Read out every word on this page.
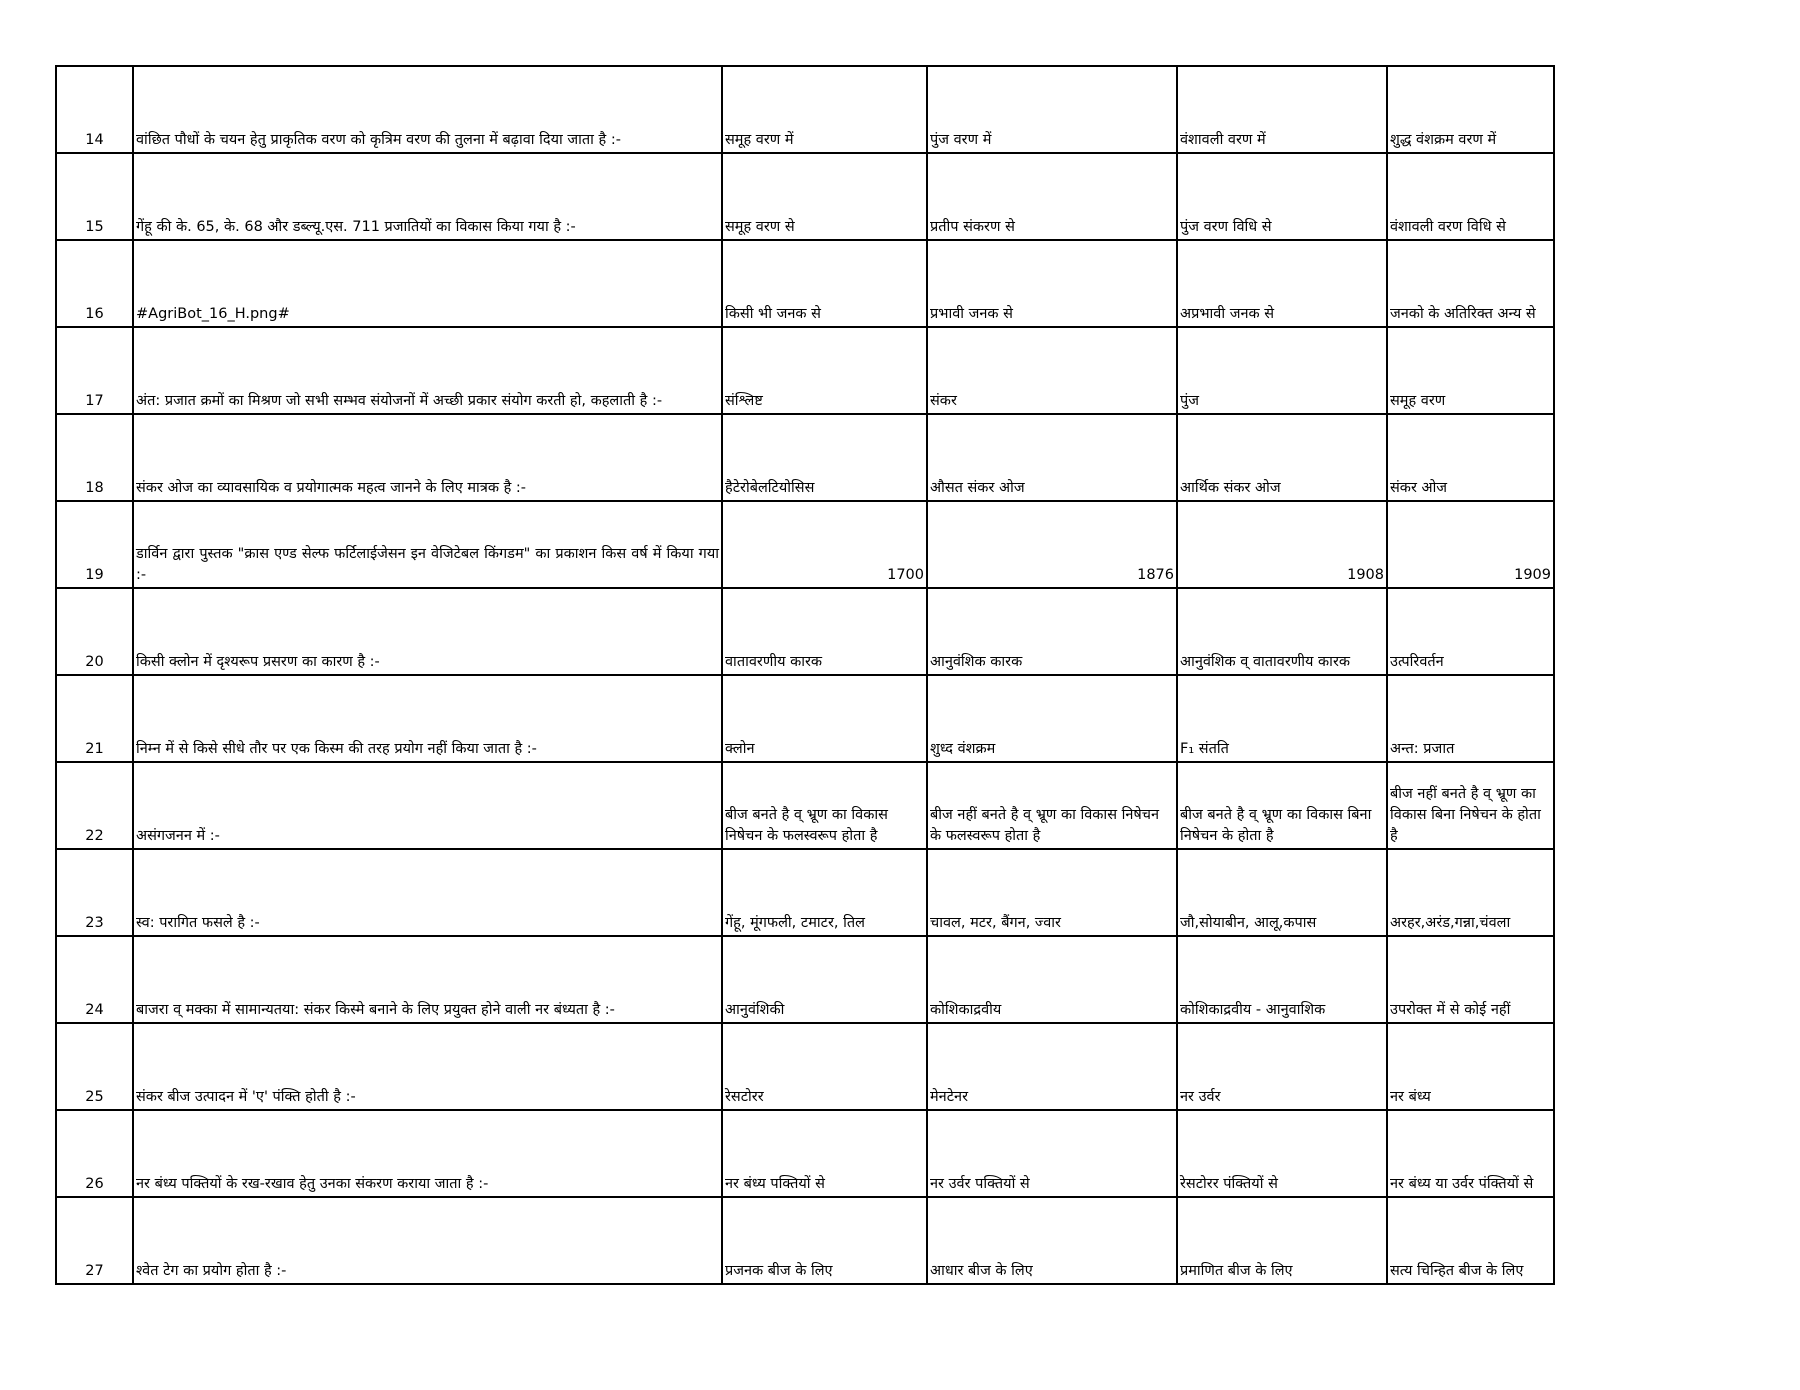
14	वांछित पौधों के चयन हेतु प्राकृतिक वरण को कृत्रिम वरण की तुलना में बढ़ावा दिया जाता है :-	समूह वरण में	पुंज वरण में	वंशावली वरण में	शुद्ध वंशक्रम वरण में
15	गेंहू की के. 65, के. 68 और डब्ल्यू.एस. 711 प्रजातियों का विकास किया गया है :-	समूह वरण से	प्रतीप संकरण से	पुंज वरण विधि से	वंशावली वरण विधि से
16	#AgriBot_16_H.png#	किसी भी जनक से	प्रभावी जनक से	अप्रभावी जनक से	जनको के अतिरिक्त अन्य से
17	अंत: प्रजात क्रमों का मिश्रण जो सभी सम्भव संयोजनों में अच्छी प्रकार संयोग करती हो, कहलाती है :-	संश्लिष्ट	संकर	पुंज	समूह वरण
18	संकर ओज का व्यावसायिक व प्रयोगात्मक महत्व जानने के लिए मात्रक है :-	हैटेरोबेलटियोसिस	औसत संकर ओज	आर्थिक संकर ओज	संकर ओज
19	डार्विन द्वारा पुस्तक "क्रास एण्ड सेल्फ फर्टिलाईजेसन इन वेजिटेबल किंगडम" का प्रकाशन किस वर्ष में किया गया :-	1700	1876	1908	1909
20	किसी क्लोन में दृश्यरूप प्रसरण का कारण है :-	वातावरणीय कारक	आनुवंशिक कारक	आनुवंशिक व् वातावरणीय कारक	उत्परिवर्तन
21	निम्न में से किसे सीधे तौर पर एक किस्म की तरह प्रयोग नहीं किया जाता है :-	क्लोन	शुध्द वंशक्रम	F₁ संतति	अन्त: प्रजात
22	असंगजनन में :-	बीज बनते है व् भ्रूण का विकास निषेचन के फलस्वरूप होता है	बीज नहीं बनते है व् भ्रूण का विकास निषेचन के फलस्वरूप होता है	बीज बनते है व् भ्रूण का विकास बिना निषेचन के होता है	बीज नहीं बनते है व् भ्रूण का विकास बिना निषेचन के होता है
23	स्व: परागित फसले है :-	गेंहू, मूंगफली, टमाटर, तिल	चावल, मटर, बैंगन, ज्वार	जौ,सोयाबीन, आलू,कपास	अरहर,अरंड,गन्ना,चंवला
24	बाजरा व् मक्का में सामान्यतया: संकर किस्मे बनाने के लिए प्रयुक्त होने वाली नर बंध्यता है :-	आनुवंशिकी	कोशिकाद्रवीय	कोशिकाद्रवीय - आनुवाशिक	उपरोक्त में से कोई नहीं
25	संकर बीज उत्पादन में 'ए' पंक्ति होती है :-	रेसटोरर	मेनटेनर	नर उर्वर	नर बंध्य
26	नर बंध्य पक्तियों के रख-रखाव हेतु उनका संकरण कराया जाता है :-	नर बंध्य पक्तियों से	नर उर्वर पक्तियों से	रेसटोरर पंक्तियों से	नर बंध्य या उर्वर पंक्तियों से
27	श्वेत टेग का प्रयोग होता है :-	प्रजनक बीज के लिए	आधार बीज के लिए	प्रमाणित बीज के लिए	सत्य चिन्हित बीज के लिए
